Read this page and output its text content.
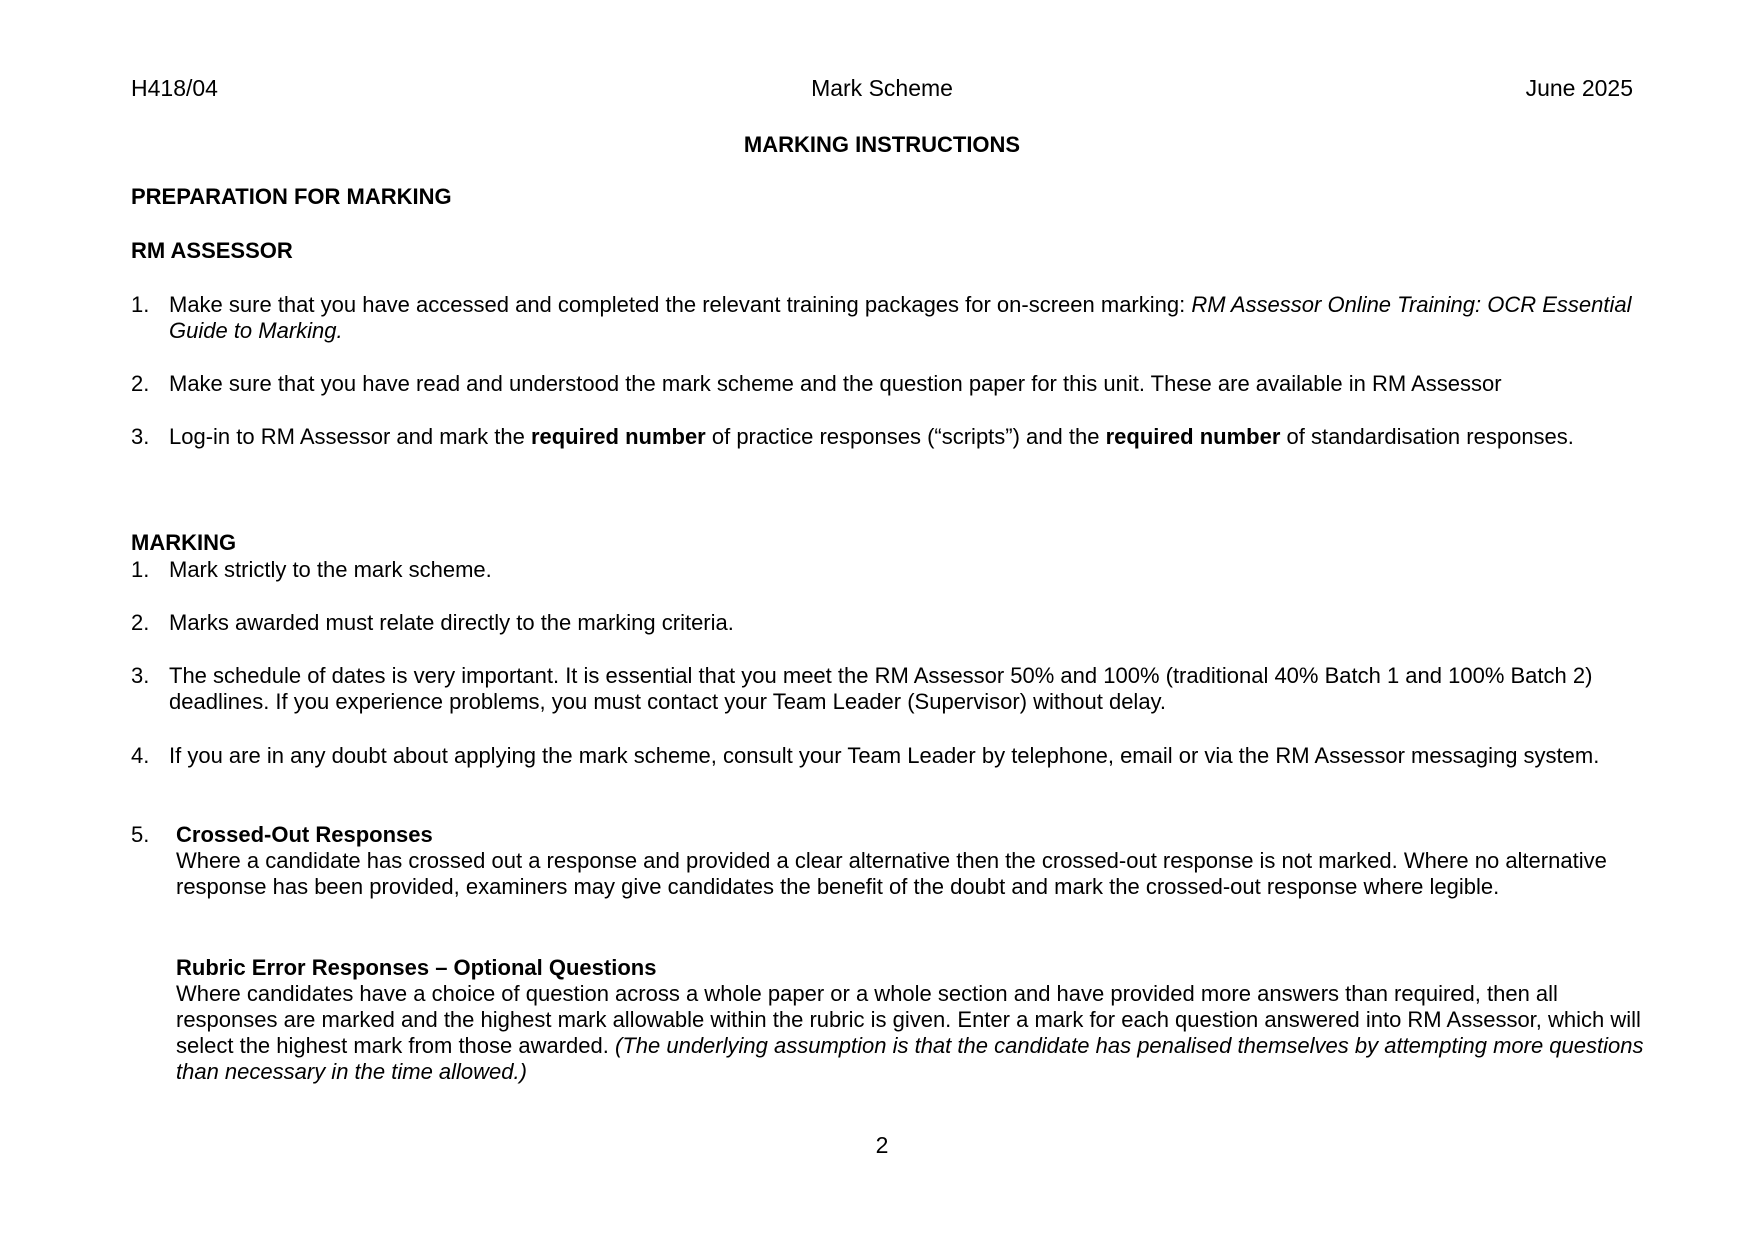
H418/04	Mark Scheme	June 2025
MARKING INSTRUCTIONS
PREPARATION FOR MARKING
RM ASSESSOR
1. Make sure that you have accessed and completed the relevant training packages for on-screen marking: RM Assessor Online Training: OCR Essential Guide to Marking.
2. Make sure that you have read and understood the mark scheme and the question paper for this unit. These are available in RM Assessor
3. Log-in to RM Assessor and mark the required number of practice responses (“scripts”) and the required number of standardisation responses.
MARKING
1. Mark strictly to the mark scheme.
2. Marks awarded must relate directly to the marking criteria.
3. The schedule of dates is very important. It is essential that you meet the RM Assessor 50% and 100% (traditional 40% Batch 1 and 100% Batch 2) deadlines. If you experience problems, you must contact your Team Leader (Supervisor) without delay.
4. If you are in any doubt about applying the mark scheme, consult your Team Leader by telephone, email or via the RM Assessor messaging system.
5.	Crossed-Out Responses
Where a candidate has crossed out a response and provided a clear alternative then the crossed-out response is not marked. Where no alternative response has been provided, examiners may give candidates the benefit of the doubt and mark the crossed-out response where legible.
Rubric Error Responses – Optional Questions
Where candidates have a choice of question across a whole paper or a whole section and have provided more answers than required, then all responses are marked and the highest mark allowable within the rubric is given. Enter a mark for each question answered into RM Assessor, which will select the highest mark from those awarded. (The underlying assumption is that the candidate has penalised themselves by attempting more questions than necessary in the time allowed.)
2
